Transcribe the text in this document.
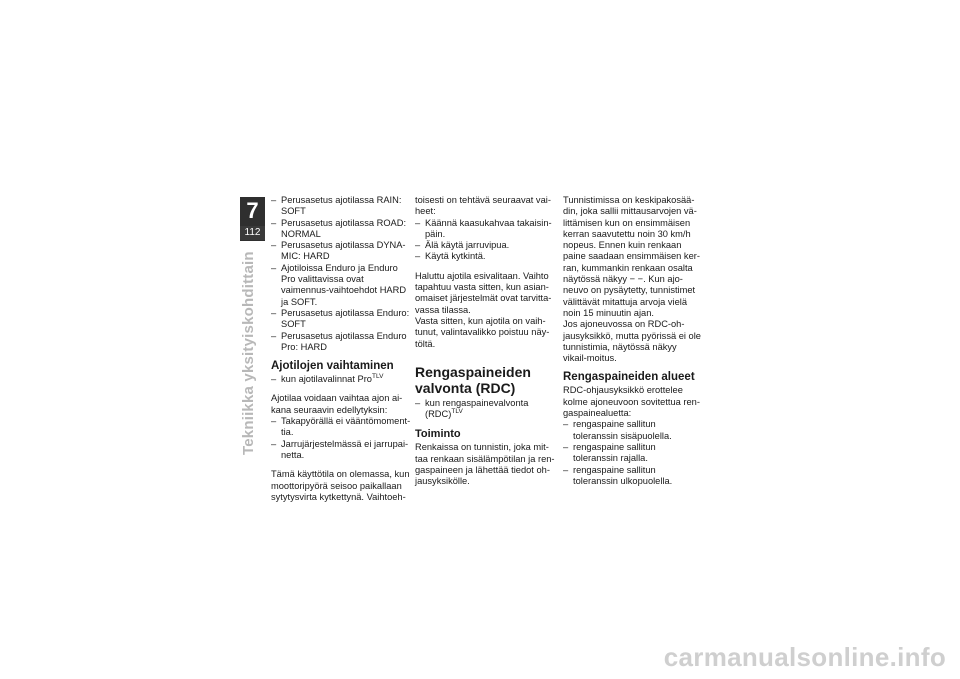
7
112
Tekniikka yksityiskohdittain
– Perusasetus ajotilassa RAIN: SOFT
– Perusasetus ajotilassa ROAD: NORMAL
– Perusasetus ajotilassa DYNA-MIC: HARD
– Ajotiloissa Enduro ja Enduro Pro valittavissa ovat vaimennus-vaihtoehdot HARD ja SOFT.
– Perusasetus ajotilassa Enduro: SOFT
– Perusasetus ajotilassa Enduro Pro: HARD
Ajotilojen vaihtaminen
– kun ajotilavalinnat Pro$^{TLV}$

Ajotilaa voidaan vaihtaa ajon ai-kana seuraavin edellytyksin:

– Takapyörällä ei vääntömoment-tia.
– Jarrujärjestelmässä ei jarrupai-netta.

Tämä käyttötila on olemassa, kun moottoripyörä seisoo paikallaan sytytysvirta kytkettynä. Vaihtoeh-

toisesti on tehtävä seuraavat vai-heet:

– Käännä kaasukahvaa takaisin-päin.
– Älä käytä jarruvipua.
– Käytä kytkintä.

Haluttu ajotila esivalitaan. Vaihto tapahtuu vasta sitten, kun asian-omaiset järjestelmät ovat tarvitta-vassa tilassa.

Vasta sitten, kun ajotila on vaih-tunut, valintavalikko poistuu näy-töltä.

Rengaspaineiden
valvonta (RDC)
– kun rengaspainevalvonta
(RDC)$^{TLV}$
Toiminto

Renkaissa on tunnistin, joka mit-taa renkaan sisälämpötilan ja ren-gaspaineen ja lähettää tiedot oh-jausyksikölle.

Tunnistimissa on keskipakosää-din, joka sallii mittausarvojen vä-littämisen kun on ensimmäisen kerran saavutettu noin 30 km/h nopeus. Ennen kuin renkaan paine saadaan ensimmäisen ker-ran, kummankin renkaan osalta näytössä näkyy − −. Kun ajo-neuvo on pysäytetty, tunnistimet välittävät mitattuja arvoja vielä noin 15 minuutin ajan.

Jos ajoneuvossa on RDC-oh-jausyksikkö, mutta pyörissä ei ole tunnistimia, näytössä näkyy vikail-moitus.

Rengaspaineiden alueet

RDC-ohjausyksikkö erottelee kolme ajoneuvoon sovitettua ren-gaspainealuetta:

– rengaspaine sallitun toleranssin sisäpuolella.
– rengaspaine sallitun toleranssin rajalla.
– rengaspaine sallitun toleranssin ulkopuolella.
carmanualsonline.info
